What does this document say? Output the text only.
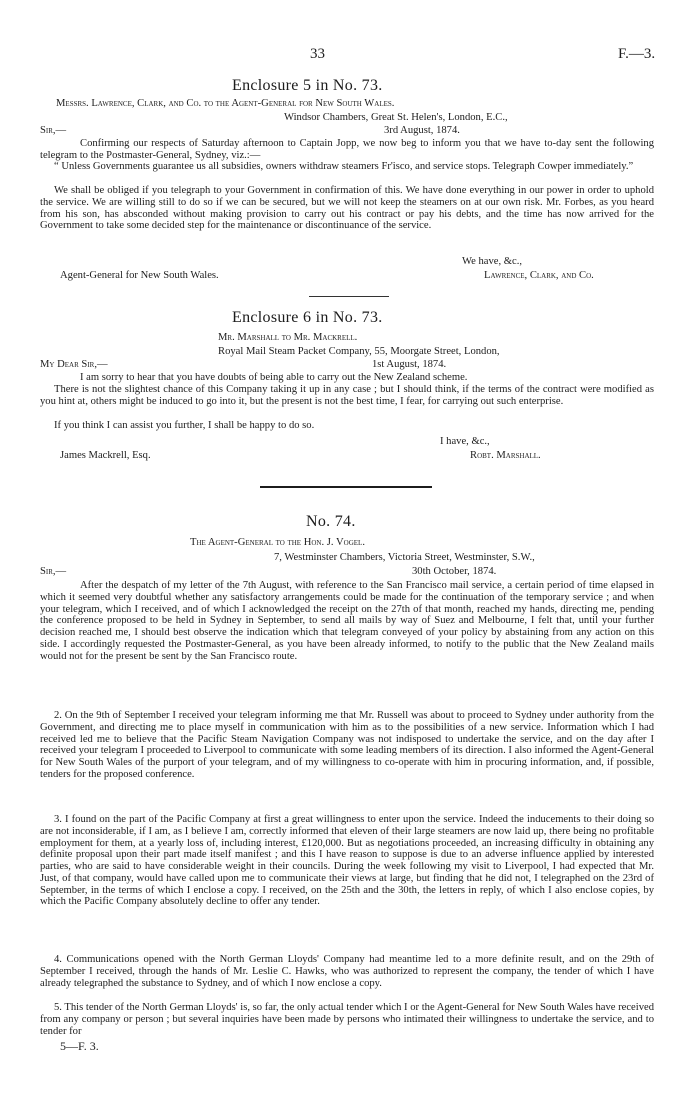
33	F.—3.
Enclosure 5 in No. 73.
Messrs. Lawrence, Clark, and Co. to the Agent-General for New South Wales.
Windsor Chambers, Great St. Helen's, London, E.C.,
3rd August, 1874.
Sir,—
Confirming our respects of Saturday afternoon to Captain Jopp, we now beg to inform you that we have to-day sent the following telegram to the Postmaster-General, Sydney, viz.:—
“ Unless Governments guarantee us all subsidies, owners withdraw steamers Fr'isco, and service stops. Telegraph Cowper immediately.”
We shall be obliged if you telegraph to your Government in confirmation of this. We have done everything in our power in order to uphold the service. We are willing still to do so if we can be secured, but we will not keep the steamers on at our own risk. Mr. Forbes, as you heard from his son, has absconded without making provision to carry out his contract or pay his debts, and the time has now arrived for the Government to take some decided step for the maintenance or discontinuance of the service.
We have, &c.,
Agent-General for New South Wales.	Lawrence, Clark, and Co.
Enclosure 6 in No. 73.
Mr. Marshall to Mr. Mackrell.
Royal Mail Steam Packet Company, 55, Moorgate Street, London,
1st August, 1874.
My Dear Sir,—
I am sorry to hear that you have doubts of being able to carry out the New Zealand scheme.
There is not the slightest chance of this Company taking it up in any case ; but I should think, if the terms of the contract were modified as you hint at, others might be induced to go into it, but the present is not the best time, I fear, for carrying out such enterprise.
If you think I can assist you further, I shall be happy to do so.
I have, &c.,
James Mackrell, Esq.	Robt. Marshall.
No. 74.
The Agent-General to the Hon. J. Vogel.
7, Westminster Chambers, Victoria Street, Westminster, S.W.,
30th October, 1874.
Sir,—
After the despatch of my letter of the 7th August, with reference to the San Francisco mail service, a certain period of time elapsed in which it seemed very doubtful whether any satisfactory arrangements could be made for the continuation of the temporary service ; and when your telegram, which I received, and of which I acknowledged the receipt on the 27th of that month, reached my hands, directing me, pending the conference proposed to be held in Sydney in September, to send all mails by way of Suez and Melbourne, I felt that, until your further decision reached me, I should best observe the indication which that telegram conveyed of your policy by abstaining from any action on this side. I accordingly requested the Postmaster-General, as you have been already informed, to notify to the public that the New Zealand mails would not for the present be sent by the San Francisco route.
2. On the 9th of September I received your telegram informing me that Mr. Russell was about to proceed to Sydney under authority from the Government, and directing me to place myself in communication with him as to the possibilities of a new service. Information which I had received led me to believe that the Pacific Steam Navigation Company was not indisposed to undertake the service, and on the day after I received your telegram I proceeded to Liverpool to communicate with some leading members of its direction. I also informed the Agent-General for New South Wales of the purport of your telegram, and of my willingness to co-operate with him in procuring information, and, if possible, tenders for the proposed conference.
3. I found on the part of the Pacific Company at first a great willingness to enter upon the service. Indeed the inducements to their doing so are not inconsiderable, if I am, as I believe I am, correctly informed that eleven of their large steamers are now laid up, there being no profitable employment for them, at a yearly loss of, including interest, £120,000. But as negotiations proceeded, an increasing difficulty in obtaining any definite proposal upon their part made itself manifest ; and this I have reason to suppose is due to an adverse influence applied by interested parties, who are said to have considerable weight in their councils. During the week following my visit to Liverpool, I had expected that Mr. Just, of that company, would have called upon me to communicate their views at large, but finding that he did not, I telegraphed on the 23rd of September, in the terms of which I enclose a copy. I received, on the 25th and the 30th, the letters in reply, of which I also enclose copies, by which the Pacific Company absolutely decline to offer any tender.
4. Communications opened with the North German Lloyds' Company had meantime led to a more definite result, and on the 29th of September I received, through the hands of Mr. Leslie C. Hawks, who was authorized to represent the company, the tender of which I have already telegraphed the substance to Sydney, and of which I now enclose a copy.
5. This tender of the North German Lloyds' is, so far, the only actual tender which I or the Agent-General for New South Wales have received from any company or person ; but several inquiries have been made by persons who intimated their willingness to undertake the service, and to tender for
5—F. 3.
